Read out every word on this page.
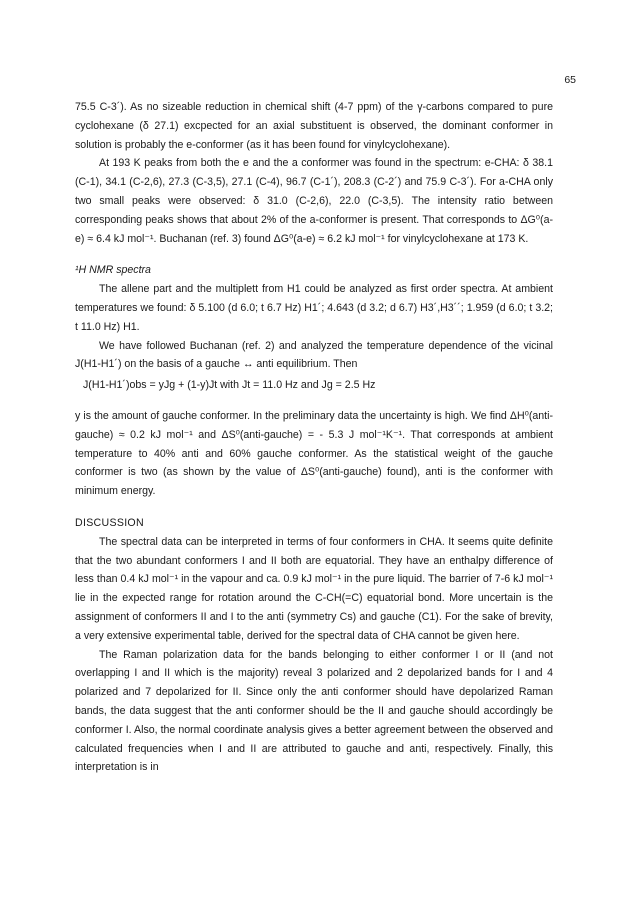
65

75.5 C-3´). As no sizeable reduction in chemical shift (4-7 ppm) of the γ-carbons compared to pure cyclohexane (δ 27.1) excpected for an axial substituent is observed, the dominant conformer in solution is probably the e-conformer (as it has been found for vinylcyclohexane).

At 193 K peaks from both the e and the a conformer was found in the spectrum: e-CHA: δ 38.1 (C-1), 34.1 (C-2,6), 27.3 (C-3,5), 27.1 (C-4), 96.7 (C-1´), 208.3 (C-2´) and 75.9 C-3´). For a-CHA only two small peaks were observed: δ 31.0 (C-2,6), 22.0 (C-3,5). The intensity ratio between corresponding peaks shows that about 2% of the a-conformer is present. That corresponds to ΔG⁰(a-e) ≈ 6.4 kJ mol⁻¹. Buchanan (ref. 3) found ΔG⁰(a-e) ≈ 6.2 kJ mol⁻¹ for vinylcyclohexane at 173 K.

¹H NMR spectra

The allene part and the multiplett from H1 could be analyzed as first order spectra. At ambient temperatures we found: δ 5.100 (d 6.0; t 6.7 Hz) H1´; 4.643 (d 3.2; d 6.7) H3´,H3´´; 1.959 (d 6.0; t 3.2; t 11.0 Hz) H1.

We have followed Buchanan (ref. 2) and analyzed the temperature dependence of the vicinal J(H1-H1´) on the basis of a gauche ↔ anti equilibrium. Then

J(H1-H1´)obs = yJg + (1-y)Jt with Jt = 11.0 Hz and Jg = 2.5 Hz

y is the amount of gauche conformer. In the preliminary data the uncertainty is high. We find ΔH⁰(anti-gauche) ≈ 0.2 kJ mol⁻¹ and ΔS⁰(anti-gauche) = - 5.3 J mol⁻¹K⁻¹. That corresponds at ambient temperature to 40% anti and 60% gauche conformer. As the statistical weight of the gauche conformer is two (as shown by the value of ΔS⁰(anti-gauche) found), anti is the conformer with minimum energy.

DISCUSSION

The spectral data can be interpreted in terms of four conformers in CHA. It seems quite definite that the two abundant conformers I and II both are equatorial. They have an enthalpy difference of less than 0.4 kJ mol⁻¹ in the vapour and ca. 0.9 kJ mol⁻¹ in the pure liquid. The barrier of 7-6 kJ mol⁻¹ lie in the expected range for rotation around the C-CH(=C) equatorial bond. More uncertain is the assignment of conformers II and I to the anti (symmetry Cs) and gauche (C1). For the sake of brevity, a very extensive experimental table, derived for the spectral data of CHA cannot be given here.

The Raman polarization data for the bands belonging to either conformer I or II (and not overlapping I and II which is the majority) reveal 3 polarized and 2 depolarized bands for I and 4 polarized and 7 depolarized for II. Since only the anti conformer should have depolarized Raman bands, the data suggest that the anti conformer should be the II and gauche should accordingly be conformer I. Also, the normal coordinate analysis gives a better agreement between the observed and calculated frequencies when I and II are attributed to gauche and anti, respectively. Finally, this interpretation is in
